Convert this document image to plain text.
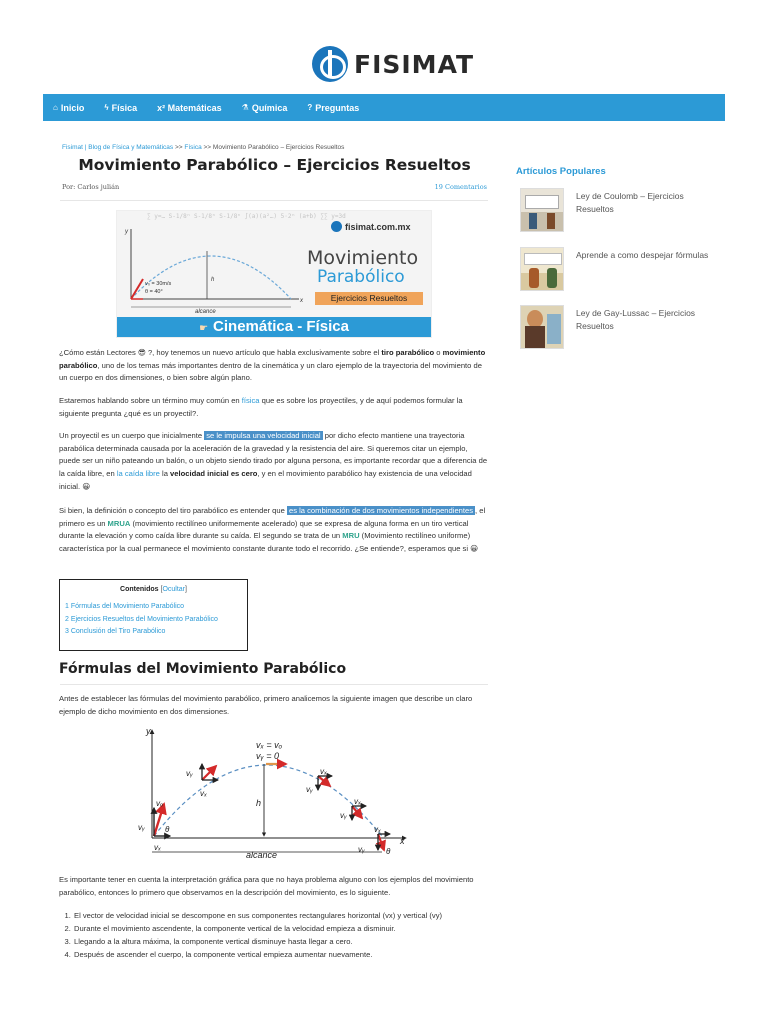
FISIMAT
⌂ Inicio	ϟ Física x² Matemáticas	⚗ Química	? Preguntas
Fisimat | Blog de Física y Matemáticas >> Física >> Movimiento Parabólico – Ejercicios Resueltos
Movimiento Parabólico – Ejercicios Resueltos
Por: Carlos julián	19 Comentarios
∑ y=… S-1/8ⁿ S-1/8ⁿ S-1/8ⁿ ∫(a)(a²…) 5·2ⁿ (a+b) ∑∑ y=3d
y
x
h
v₀ = 30m/s
θ = 40°
alcance
fisimat.com.mx
Movimiento
Parabólico
Ejercicios Resueltos
☛ Cinemática - Física

¿Cómo están Lectores 😎 ?, hoy tenemos un nuevo artículo que habla exclusivamente sobre el tiro parabólico o movimiento parabólico, uno de los temas más importantes dentro de la cinemática y un claro ejemplo de la trayectoria del movimiento de un cuerpo en dos dimensiones, o bien sobre algún plano.

Estaremos hablando sobre un término muy común en física que es sobre los proyectiles, y de aquí podemos formular la siguiente pregunta ¿qué es un proyectil?.

Un proyectil es un cuerpo que inicialmente se le impulsa una velocidad inicial por dicho efecto mantiene una trayectoria parabólica determinada causada por la aceleración de la gravedad y la resistencia del aire. Si queremos citar un ejemplo, puede ser un niño pateando un balón, o un objeto siendo tirado por alguna persona, es importante recordar que a diferencia de la caída libre, en la caída libre la velocidad inicial es cero, y en el movimiento parabólico hay existencia de una velocidad inicial. 😀

Si bien, la definición o concepto del tiro parabólico es entender que es la combinación de dos movimientos independientes , el primero es un MRUA (movimiento rectilíneo uniformemente acelerado) que se expresa de alguna forma en un tiro vertical durante la elevación y como caída libre durante su caída. El segundo se trata de un MRU (Movimiento rectilíneo uniforme) característica por la cual permanece el movimiento constante durante todo el recorrido. ¿Se entiende?, esperamos que si 😀

Contenidos [Ocultar]
1 Fórmulas del Movimiento Parabólico
2 Ejercicios Resueltos del Movimiento Parabólico
3 Conclusión del Tiro Parabólico
Fórmulas del Movimiento Parabólico

Antes de establecer las fórmulas del movimiento parabólico, primero analicemos la siguiente imagen que describe un claro ejemplo de dicho movimiento en dos dimensiones.

y
x
vₓ = vₒ
vᵧ = 0
h
alcance
vₒ
vᵧ
vₓ
θ
vᵧ
vₓ
vₓ
vᵧ
vₓ
vᵧ
vₓ
vᵧ	θ

Es importante tener en cuenta la interpretación gráfica para que no haya problema alguno con los ejemplos del movimiento parabólico, entonces lo primero que observamos en la descripción del movimiento, es lo siguiente.

1. El vector de velocidad inicial se descompone en sus componentes rectangulares horizontal (vx) y vertical (vy)
2. Durante el movimiento ascendente, la componente vertical de la velocidad empieza a disminuir.
3. Llegando a la altura máxima, la componente vertical disminuye hasta llegar a cero.
4. Después de ascender el cuerpo, la componente vertical empieza aumentar nuevamente.
Artículos Populares
Ley de Coulomb – Ejercicios Resueltos
Aprende a como despejar fórmulas
Ley de Gay-Lussac – Ejercicios Resueltos
